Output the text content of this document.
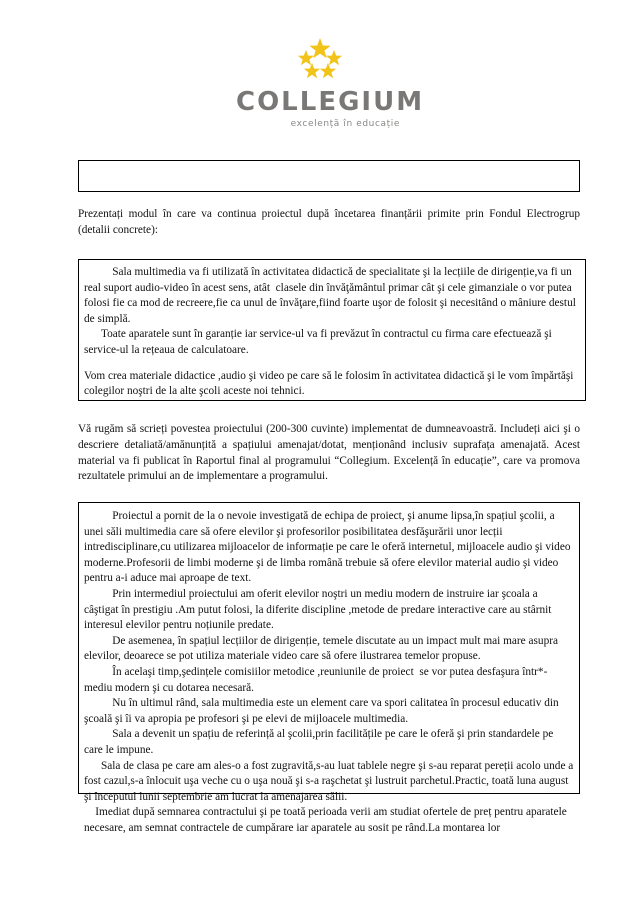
COLLEGIUM
excelență în educație
Prezentați modul în care va continua proiectul după încetarea finanțării primite prin Fondul Electrogrup (detalii concrete):

Sala multimedia va fi utilizată în activitatea didactică de specialitate şi la lecțiile de dirigenție,va fi un real suport audio-video în acest sens, atât  clasele din învăţământul primar cât şi cele gimanziale o vor putea folosi fie ca mod de recreere,fie ca unul de învăţare,fiind foarte uşor de folosit şi necesitând o mâniure destul de simplă.

Toate aparatele sunt în garanție iar service-ul va fi prevăzut în contractul cu firma care efectuează şi service-ul la rețeaua de calculatoare.

Vom crea materiale didactice ,audio şi video pe care să le folosim în activitatea didactică şi le vom împărtăşi colegilor noştri de la alte şcoli aceste noi tehnici.

Vă rugăm să scrieți povestea proiectului (200-300 cuvinte) implementat de dumneavoastră. Includeți aici şi o descriere detaliată/amănunțită a spațiului amenajat/dotat, menționând inclusiv suprafața amenajată. Acest material va fi publicat în Raportul final al programului “Collegium. Excelență în educație”, care va promova rezultatele primului an de implementare a programului.

Proiectul a pornit de la o nevoie investigată de echipa de proiect, şi anume lipsa,în spațiul şcolii, a unei săli multimedia care să ofere elevilor şi profesorilor posibilitatea desfăşurării unor lecții intredisciplinare,cu utilizarea mijloacelor de informație pe care le oferă internetul, mijloacele audio şi video moderne.Profesorii de limbi moderne şi de limba română trebuie să ofere elevilor material audio şi video pentru a-i aduce mai aproape de text.

Prin intermediul proiectului am oferit elevilor noştri un mediu modern de instruire iar şcoala a câştigat în prestigiu .Am putut folosi, la diferite discipline ,metode de predare interactive care au stârnit interesul elevilor pentru noțiunile predate.

De asemenea, în spațiul lecțiilor de dirigenție, temele discutate au un impact mult mai mare asupra elevilor, deoarece se pot utiliza materiale video care să ofere ilustrarea temelor propuse.

În acelaşi timp,şedințele comisiilor metodice ,reuniunile de proiect  se vor putea desfaşura într*- mediu modern şi cu dotarea necesară.

Nu în ultimul rând, sala multimedia este un element care va spori calitatea în procesul educativ din şcoală şi îi va apropia pe profesori şi pe elevi de mijloacele multimedia.

Sala a devenit un spațiu de referință al şcolii,prin facilitățile pe care le oferă şi prin standardele pe care le impune.

Sala de clasa pe care am ales-o a fost zugravită,s-au luat tablele negre şi s-au reparat pereții acolo unde a fost cazul,s-a înlocuit uşa veche cu o uşa nouă şi s-a raşchetat şi lustruit parchetul.Practic, toată luna august şi începutul lunii septembrie am lucrat la amenajarea sălii.

Imediat după semnarea contractului şi pe toată perioada verii am studiat ofertele de preț pentru aparatele necesare, am semnat contractele de cumpărare iar aparatele au sosit pe rând.La montarea lor
